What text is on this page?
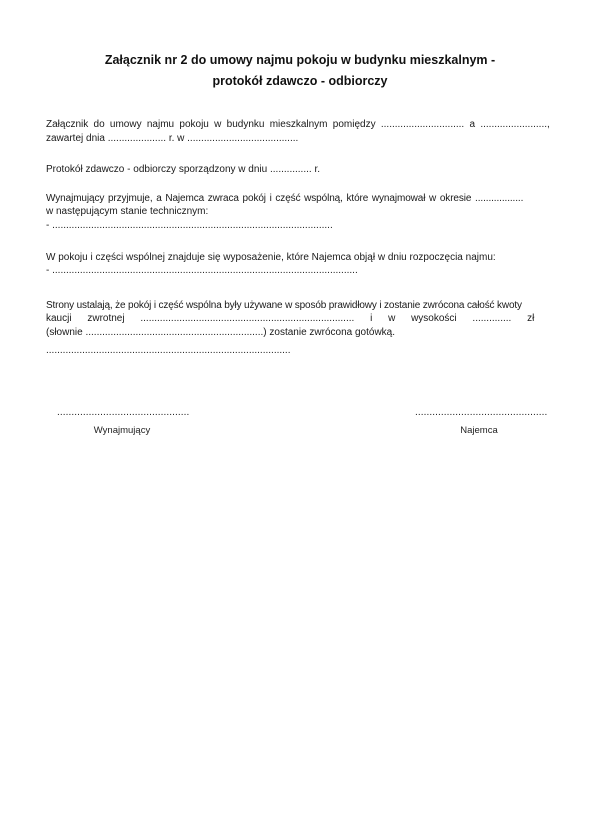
Załącznik nr 2 do umowy najmu pokoju w budynku mieszkalnym -
protokół zdawczo - odbiorczy
Załącznik do umowy najmu pokoju w budynku mieszkalnym pomiędzy .............................. a ........................,
zawartej dnia ..................... r. w ........................................
Protokół zdawczo - odbiorczy sporządzony w dniu ............... r.
Wynajmujący przyjmuje, a Najemca zwraca pokój i część wspólną, które wynajmował w okresie ..................
w następującym stanie technicznym:
- .....................................................................................................
W pokoju i części wspólnej znajduje się wyposażenie, które Najemca objął w dniu rozpoczęcia najmu:
- ..............................................................................................................
Strony ustalają, że pokój i część wspólna były używane w sposób prawidłowy i zostanie zwrócona całość kwoty
kaucji zwrotnej ............................................................................. i w wysokości .............. zł
(słownie ................................................................) zostanie zwrócona gotówką.
........................................................................................
..............................................
Wynajmujący
..............................................
Najemca
